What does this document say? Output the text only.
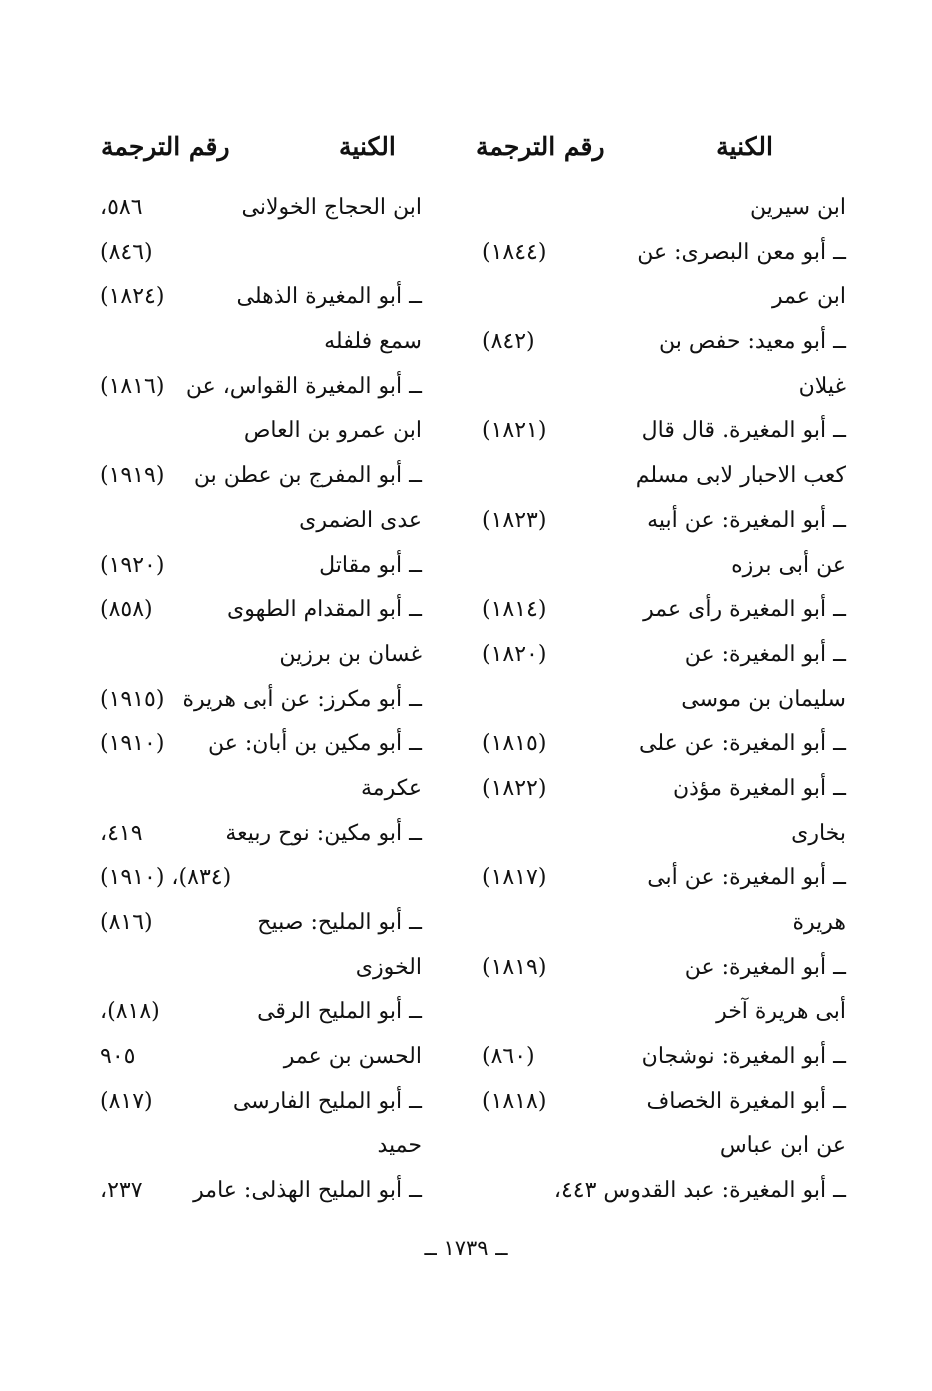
الكنية
رقم الترجمة
الكنية
رقم الترجمة
ابن سيرين
ــ أبو معن البصرى: عن
(١٨٤٤)
ابن عمر
ــ أبو معيد: حفص بن
(٨٤٢)
غيلان
ــ أبو المغيرة. قال قال
(١٨٢١)
كعب الاحبار لابى مسلم
ــ أبو المغيرة: عن أبيه
(١٨٢٣)
عن أبى برزه
ــ أبو المغيرة رأى عمر
(١٨١٤)
ــ أبو المغيرة: عن
(١٨٢٠)
سليمان بن موسى
ــ أبو المغيرة: عن على
(١٨١٥)
ــ أبو المغيرة مؤذن
(١٨٢٢)
بخارى
ــ أبو المغيرة: عن أبى
(١٨١٧)
هريرة
ــ أبو المغيرة: عن
(١٨١٩)
أبى هريرة آخر
ــ أبو المغيرة: نوشجان
(٨٦٠)
ــ أبو المغيرة الخصاف
(١٨١٨)
عن ابن عباس
ــ أبو المغيرة: عبد القدوس ٤٤٣،
ابن الحجاج الخولانى
٥٨٦،
(٨٤٦)
ــ أبو المغيرة الذهلى
(١٨٢٤)
سمع فلفله
ــ أبو المغيرة القواس، عن
(١٨١٦)
ابن عمرو بن العاص
ــ أبو المفرج بن عطن بن
(١٩١٩)
عدى الضمرى
ــ أبو مقاتل
(١٩٢٠)
ــ أبو المقدام الطهوى
(٨٥٨)
غسان بن برزين
ــ أبو مكرز: عن أبى هريرة
(١٩١٥)
ــ أبو مكين بن أبان: عن
(١٩١٠)
عكرمة
ــ أبو مكين: نوح ربيعة
٤١٩،
(٨٣٤)، (١٩١٠)
ــ أبو المليح: صبيح
(٨١٦)
الخوزى
ــ أبو المليح الرقى
(٨١٨)،
الحسن بن عمر
٩٠٥
ــ أبو المليح الفارسى
(٨١٧)
حميد
ــ أبو المليح الهذلى: عامر
٢٣٧،
ــ ١٧٣٩ ــ
